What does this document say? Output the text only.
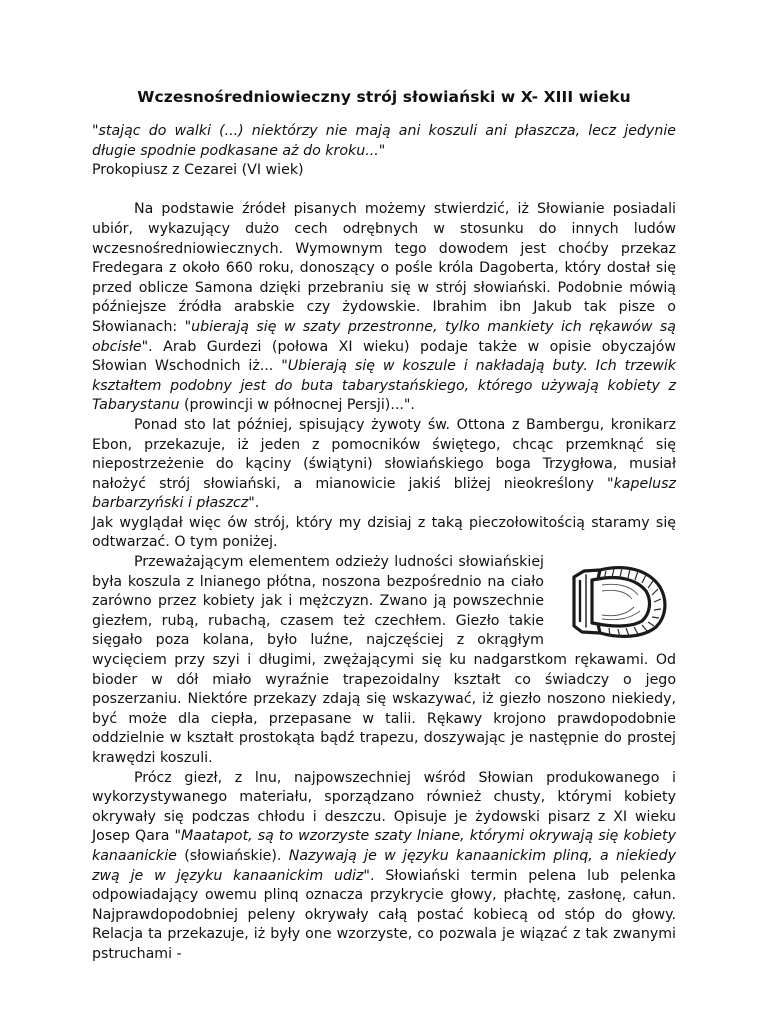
Wczesnośredniowieczny strój słowiański w X- XIII wieku

"stając do walki (...) niektórzy nie mają ani koszuli ani płaszcza, lecz jedynie długie spodnie podkasane aż do kroku..."

Prokopiusz z Cezarei (VI wiek)

Na podstawie źródeł pisanych możemy stwierdzić, iż Słowianie posiadali ubiór, wykazujący dużo cech odrębnych w stosunku do innych ludów wczesnośredniowiecznych. Wymownym tego dowodem jest choćby przekaz Fredegara z około 660 roku, donoszący o pośle króla Dagoberta, który dostał się przed oblicze Samona dzięki przebraniu się w strój słowiański. Podobnie mówią późniejsze źródła arabskie czy żydowskie. Ibrahim ibn Jakub tak pisze o Słowianach: "ubierają się w szaty przestronne, tylko mankiety ich rękawów są obcisłe". Arab Gurdezi (połowa XI wieku) podaje także w opisie obyczajów Słowian Wschodnich iż... "Ubierają się w koszule i nakładają buty. Ich trzewik kształtem podobny jest do buta tabarystańskiego, którego używają kobiety z Tabarystanu (prowincji w północnej Persji)...".

Ponad sto lat później, spisujący żywoty św. Ottona z Bambergu, kronikarz Ebon, przekazuje, iż jeden z pomocników świętego, chcąc przemknąć się niepostrzeżenie do kąciny (świątyni) słowiańskiego boga Trzygłowa, musiał nałożyć strój słowiański, a mianowicie jakiś bliżej nieokreślony "kapelusz barbarzyński i płaszcz".

Jak wyglądał więc ów strój, który my dzisiaj z taką pieczołowitością staramy się odtwarzać. O tym poniżej.

Przeważającym elementem odzieży ludności słowiańskiej była koszula z lnianego płótna, noszona bezpośrednio na ciało zarówno przez kobiety jak i mężczyzn. Zwano ją powszechnie giezłem, rubą, rubachą, czasem też czechłem. Giezło takie sięgało poza kolana, było luźne, najczęściej z okrągłym wycięciem przy szyi i długimi, zwężającymi się ku nadgarstkom rękawami. Od bioder w dół miało wyraźnie trapezoidalny kształt co świadczy o jego poszerzaniu. Niektóre przekazy zdają się wskazywać, iż giezło noszono niekiedy, być może dla ciepła, przepasane w talii. Rękawy krojono prawdopodobnie oddzielnie w kształt prostokąta bądź trapezu, doszywając je następnie do prostej krawędzi koszuli.

Prócz giezł, z lnu, najpowszechniej wśród Słowian produkowanego i wykorzystywanego materiału, sporządzano również chusty, którymi kobiety okrywały się podczas chłodu i deszczu. Opisuje je żydowski pisarz z XI wieku Josep Qara "Maatapot, są to wzorzyste szaty lniane, którymi okrywają się kobiety kanaanickie (słowiańskie). Nazywają je w języku kanaanickim plinq, a niekiedy zwą je w języku kanaanickim udiz". Słowiański termin pelena lub pelenka odpowiadający owemu plinq oznacza przykrycie głowy, płachtę, zasłonę, całun. Najprawdopodobniej peleny okrywały całą postać kobiecą od stóp do głowy. Relacja ta przekazuje, iż były one wzorzyste, co pozwala je wiązać z tak zwanymi pstruchami -
